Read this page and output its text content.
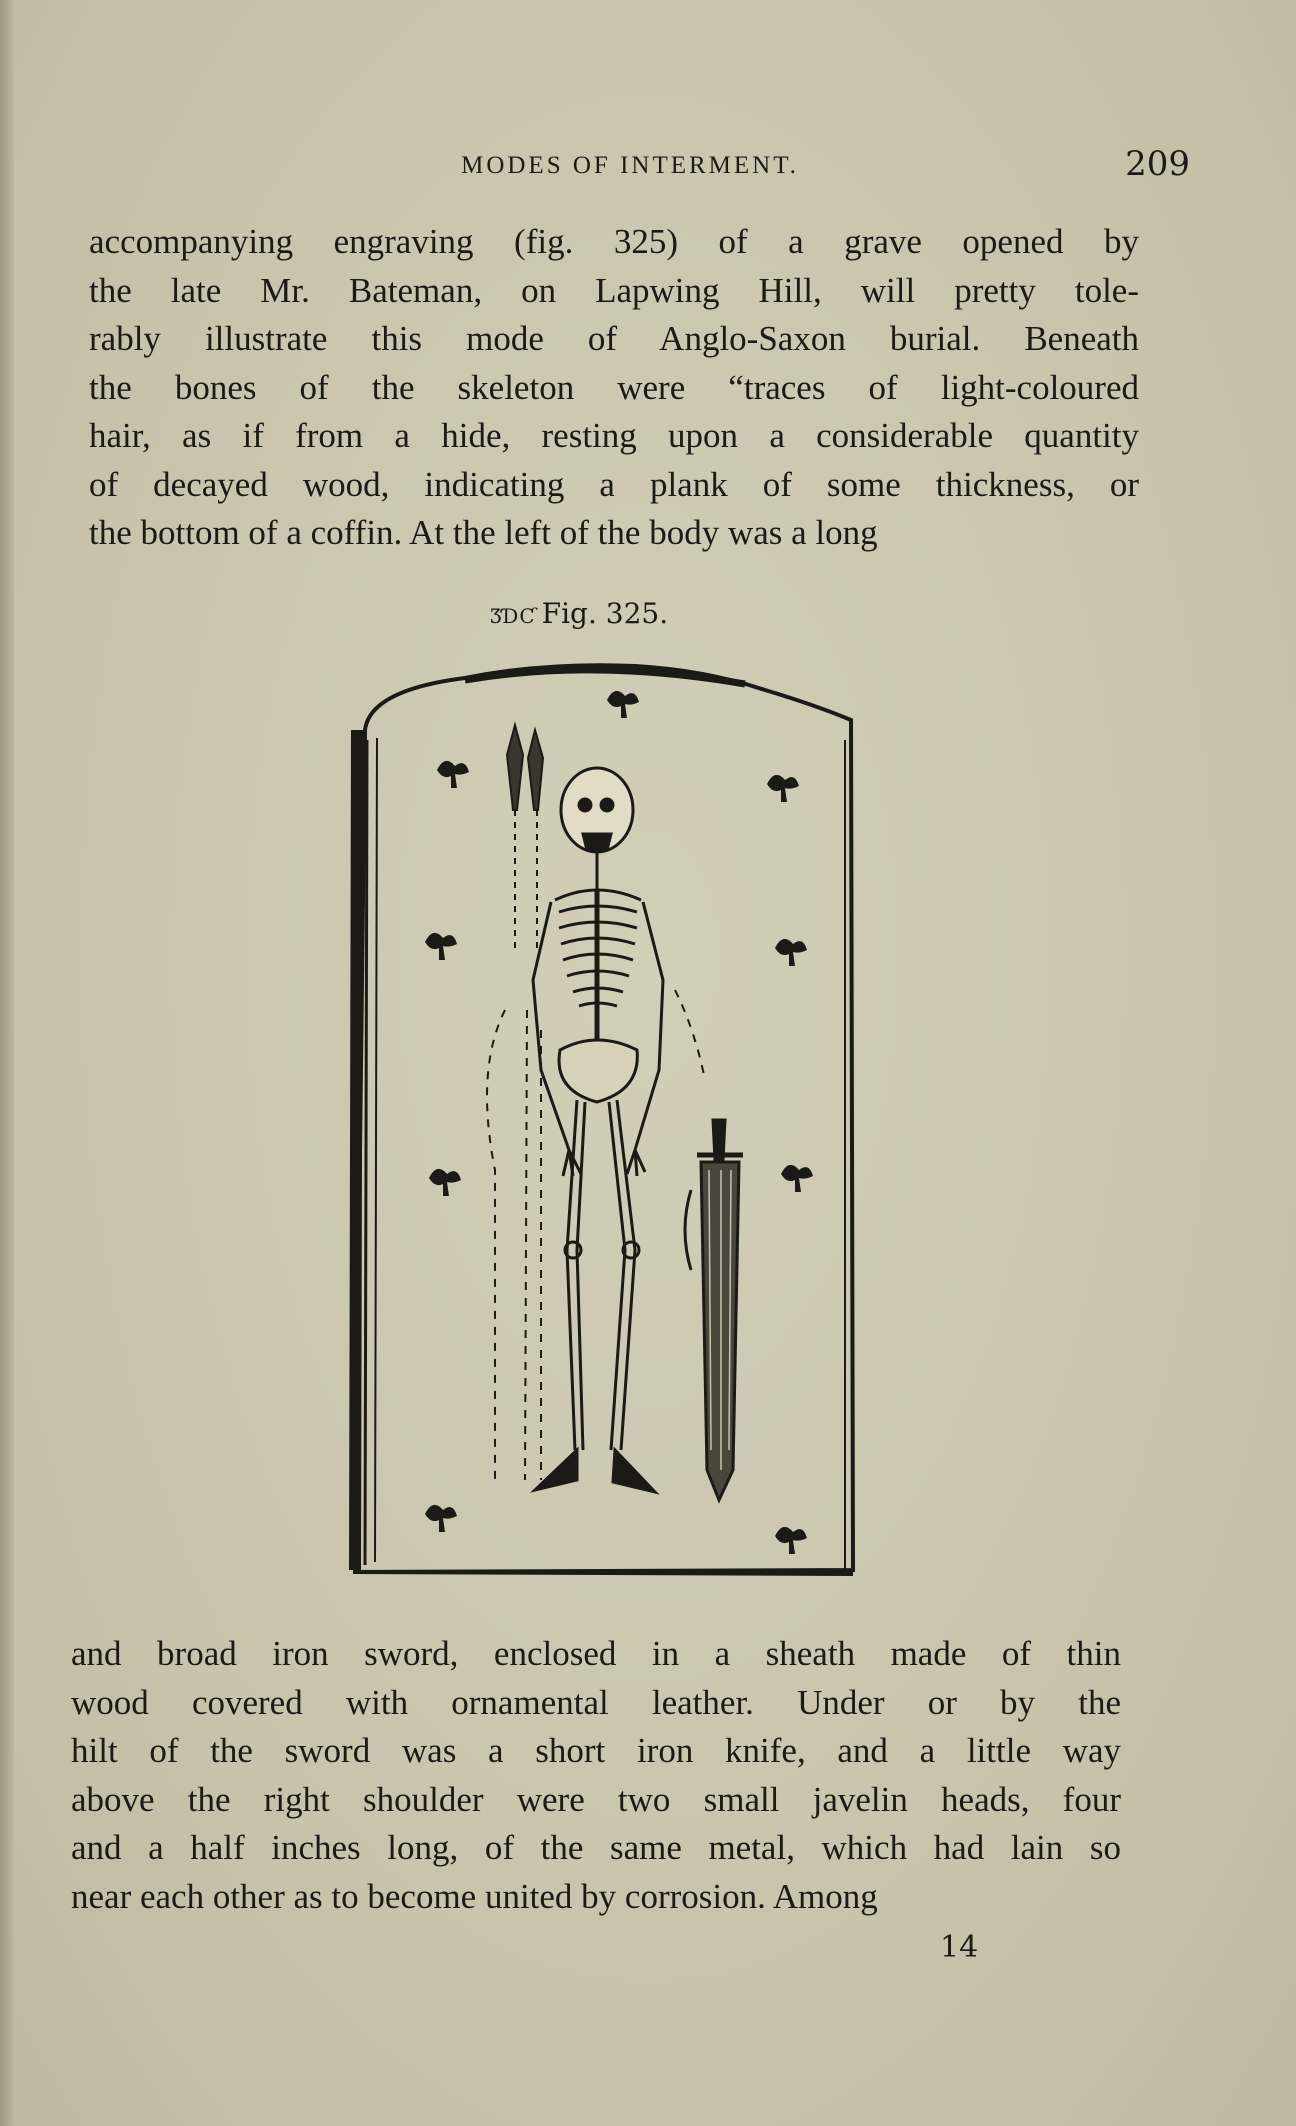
MODES OF INTERMENT.	209
accompanying engraving (fig. 325) of a grave opened by
the late Mr. Bateman, on Lapwing Hill, will pretty tole-
rably illustrate this mode of Anglo-Saxon burial. Beneath
the bones of the skeleton were “traces of light-coloured
hair, as if from a hide, resting upon a considerable quantity
of decayed wood, indicating a plank of some thickness, or
the bottom of a coffin. At the left of the body was a long
ƷƊƇ Fig. 325.
and broad iron sword, enclosed in a sheath made of thin
wood covered with ornamental leather. Under or by the
hilt of the sword was a short iron knife, and a little way
above the right shoulder were two small javelin heads, four
and a half inches long, of the same metal, which had lain so
near each other as to become united by corrosion. Among
14
